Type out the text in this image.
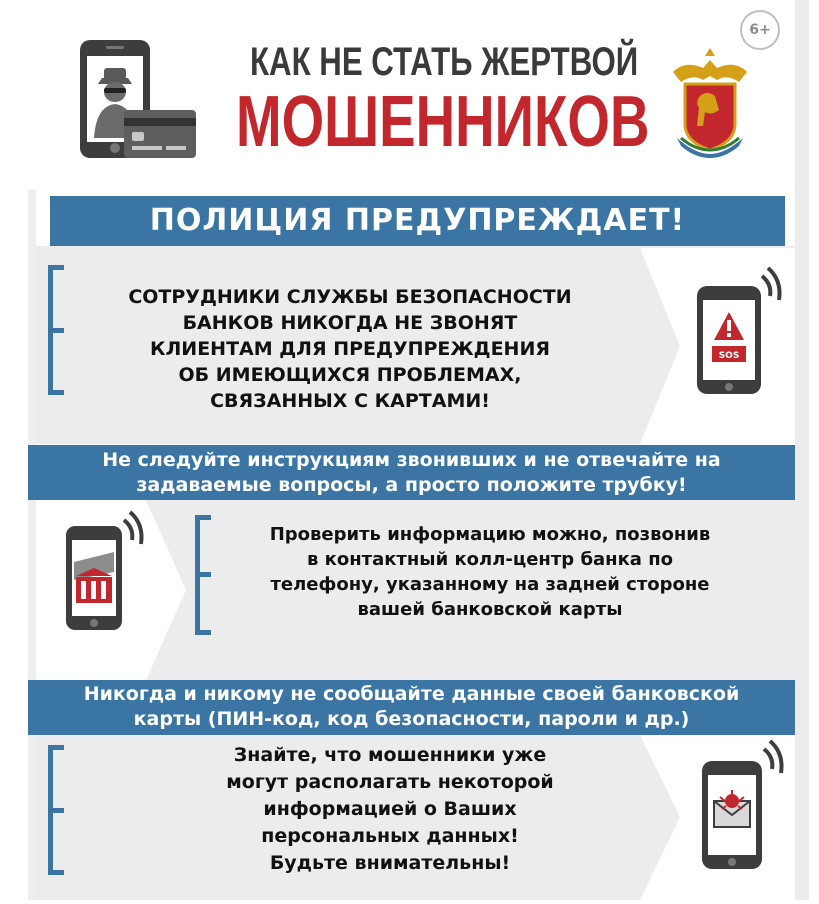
КАК НЕ СТАТЬ ЖЕРТВОЙ
МОШЕННИКОВ
6+
ПОЛИЦИЯ ПРЕДУПРЕЖДАЕТ!
СОТРУДНИКИ СЛУЖБЫ БЕЗОПАСНОСТИ
БАНКОВ НИКОГДА НЕ ЗВОНЯТ
КЛИЕНТАМ ДЛЯ ПРЕДУПРЕЖДЕНИЯ
ОБ ИМЕЮЩИХСЯ ПРОБЛЕМАХ,
СВЯЗАННЫХ С КАРТАМИ!
SOS
Не следуйте инструкциям звонивших и не отвечайте на
задаваемые вопросы, а просто положите трубку!
Проверить информацию можно, позвонив
в контактный колл-центр банка по
телефону, указанному на задней стороне
вашей банковской карты
Никогда и никому не сообщайте данные своей банковской
карты (ПИН-код, код безопасности, пароли и др.)
Знайте, что мошенники уже
могут располагать некоторой
информацией о Ваших
персональных данных!
Будьте внимательны!
